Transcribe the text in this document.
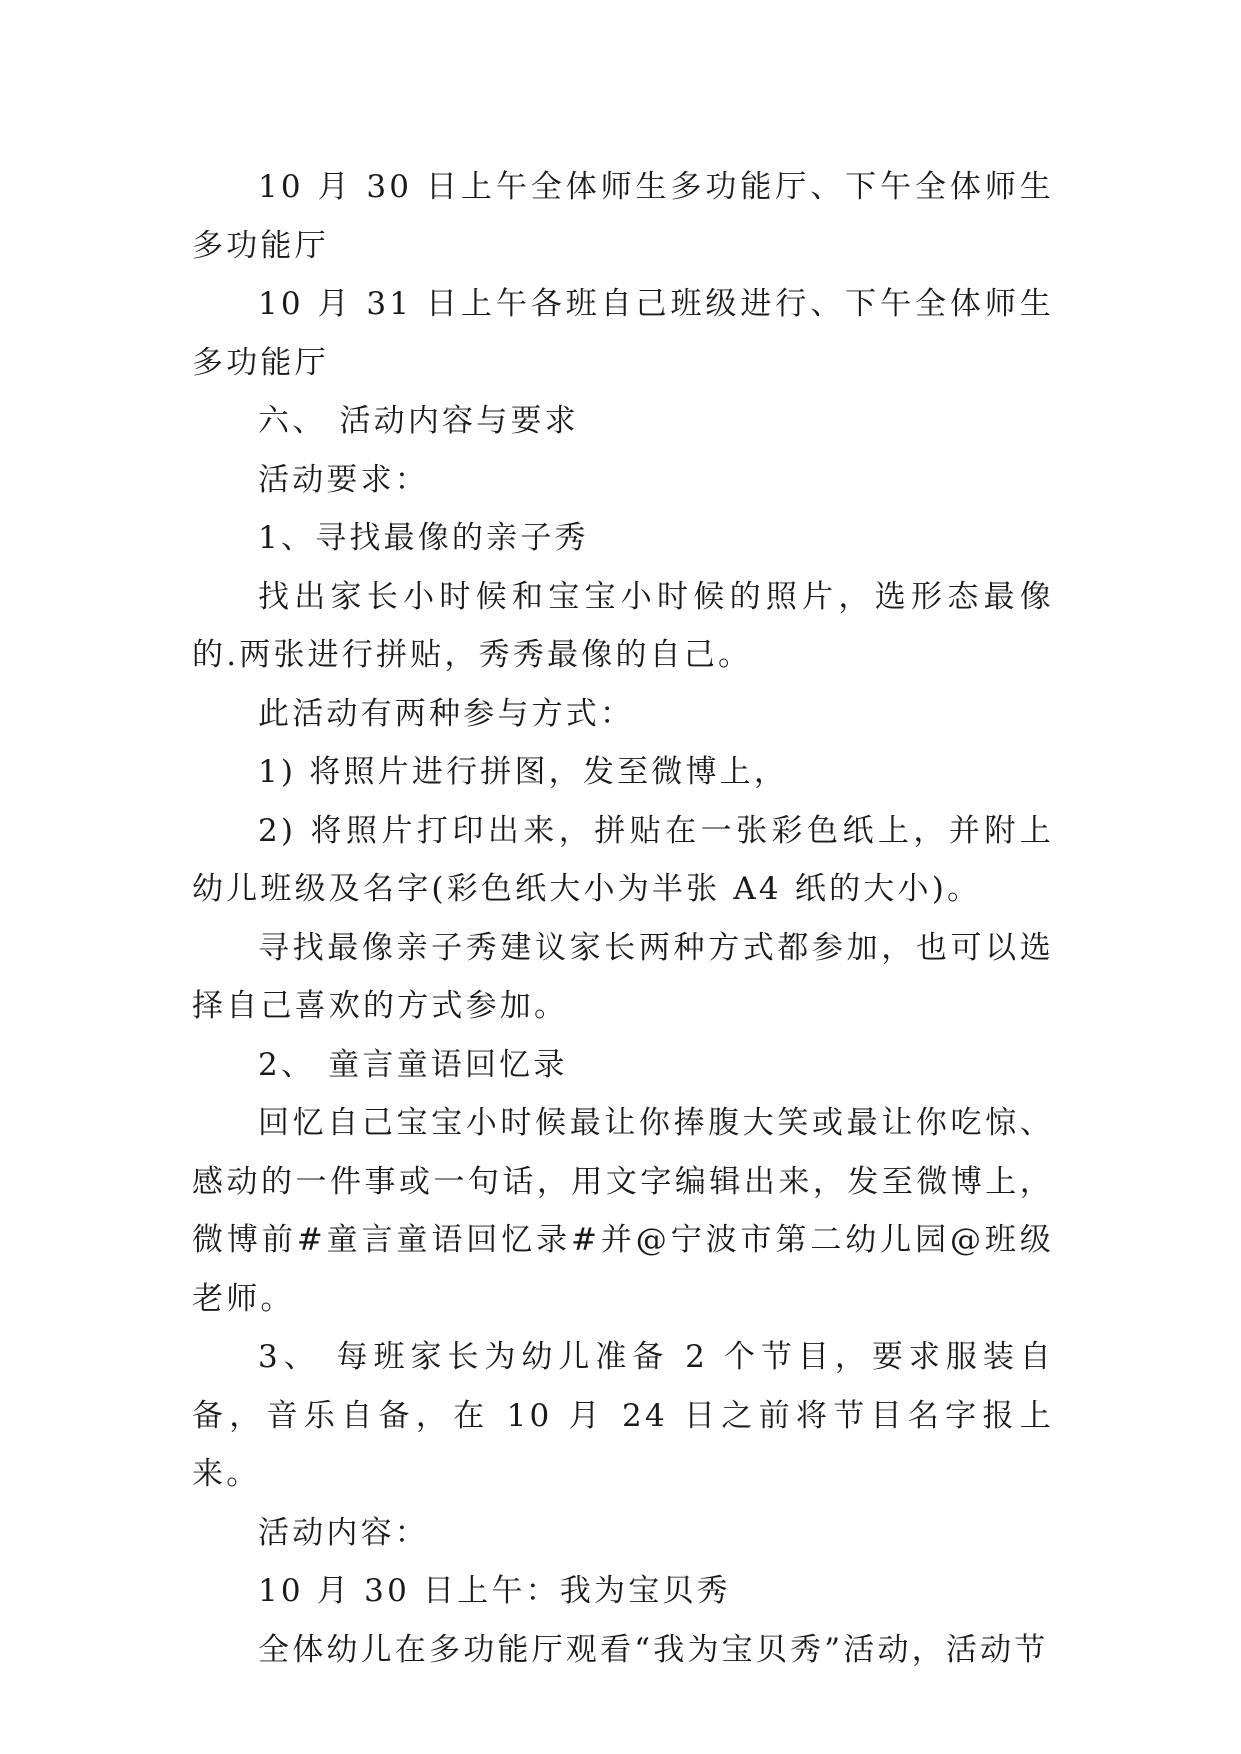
10 月 30 日上午全体师生多功能厅、下午全体师生多功能厅

10 月 31 日上午各班自己班级进行、下午全体师生多功能厅

六、 活动内容与要求

活动要求：

1、寻找最像的亲子秀

找出家长小时候和宝宝小时候的照片，选形态最像的.两张进行拼贴，秀秀最像的自己。

此活动有两种参与方式：

1) 将照片进行拼图，发至微博上，

2) 将照片打印出来，拼贴在一张彩色纸上，并附上幼儿班级及名字(彩色纸大小为半张 A4 纸的大小)。

寻找最像亲子秀建议家长两种方式都参加，也可以选择自己喜欢的方式参加。

2、 童言童语回忆录

回忆自己宝宝小时候最让你捧腹大笑或最让你吃惊、感动的一件事或一句话，用文字编辑出来，发至微博上，微博前#童言童语回忆录#并@宁波市第二幼儿园@班级老师。

3、 每班家长为幼儿准备 2 个节目，要求服装自备，音乐自备，在 10 月 24 日之前将节目名字报上来。

活动内容：

10 月 30 日上午：我为宝贝秀

全体幼儿在多功能厅观看“我为宝贝秀”活动，活动节
